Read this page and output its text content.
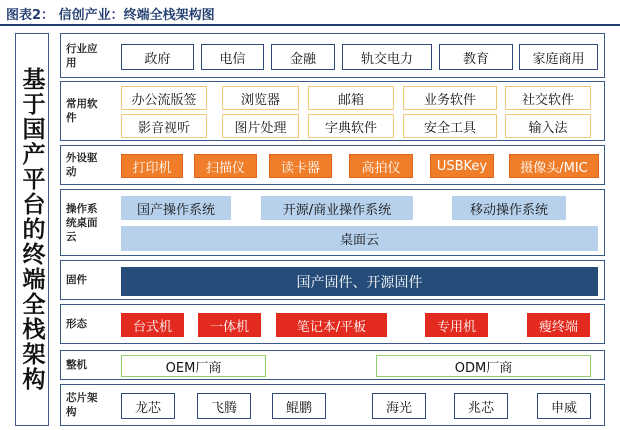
图表2： 信创产业：终端全栈架构图
基于国产平台的终端全栈架构
行业应用	政府	电信	金融	轨交电力	教育	家庭商用
常用软件
办公流版签	浏览器	邮箱	业务软件	社交软件
影音视听	图片处理	字典软件	安全工具	输入法
外设驱动	打印机	扫描仪	读卡器	高拍仪	USBKey	摄像头/MIC
操作系统桌面云
国产操作系统	开源/商业操作系统	移动操作系统
桌面云
固件	国产固件、开源固件
形态	台式机	一体机	笔记本/平板	专用机	瘦终端
整机	OEM厂商	ODM厂商
芯片架构	龙芯	飞腾	鲲鹏	海光	兆芯	申威
